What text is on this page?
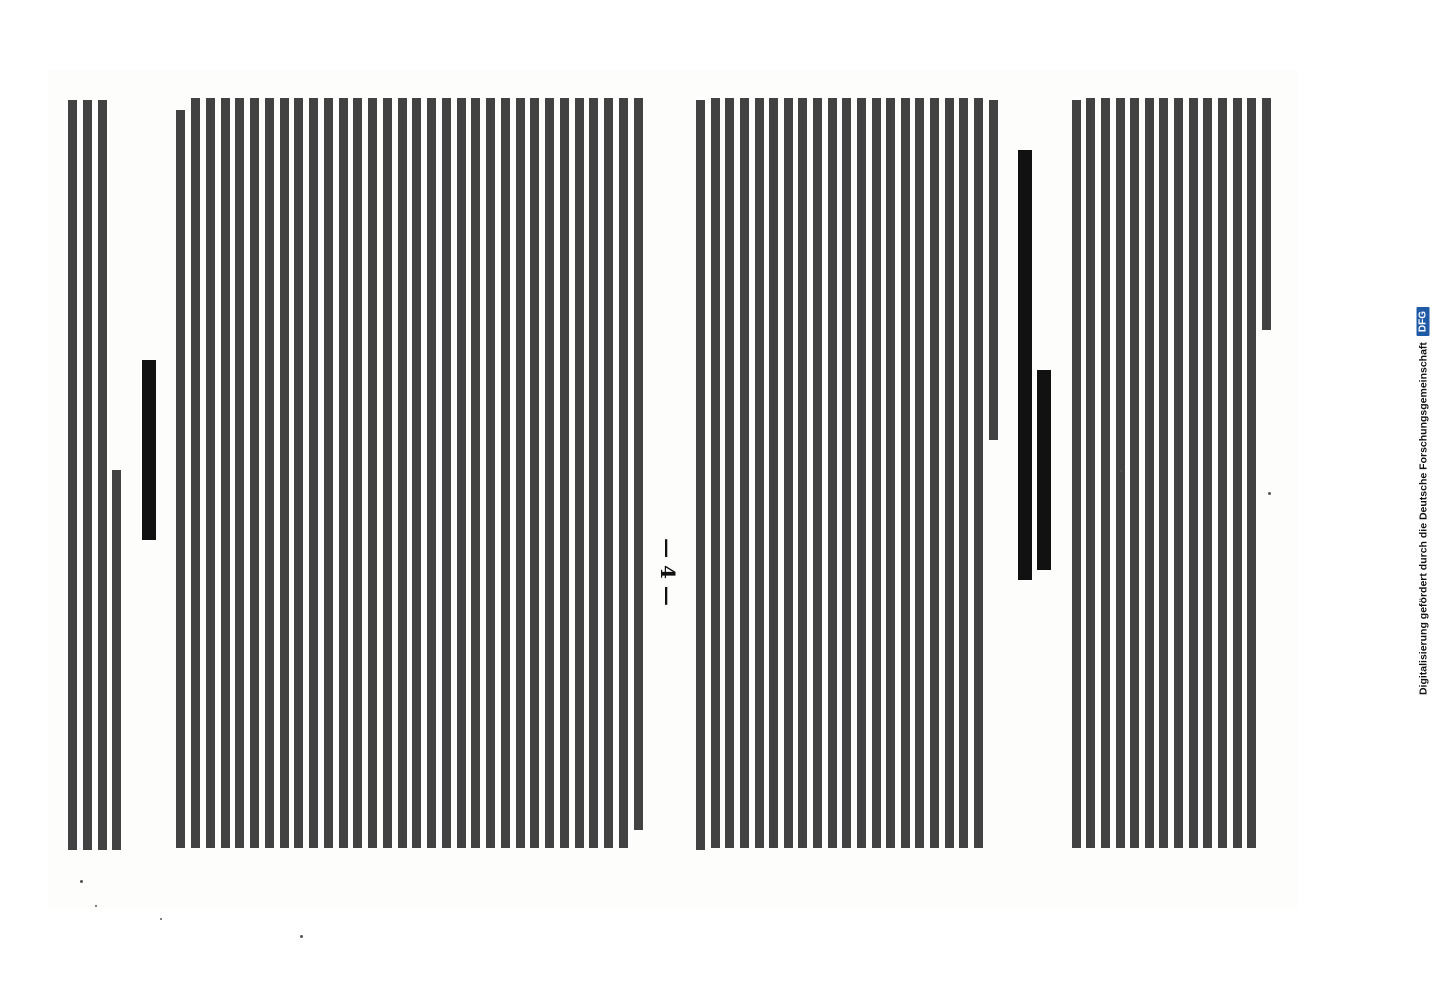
— 4 —	Digitalisierung gefördert durch die Deutsche Forschungsgemeinschaft
DFG
